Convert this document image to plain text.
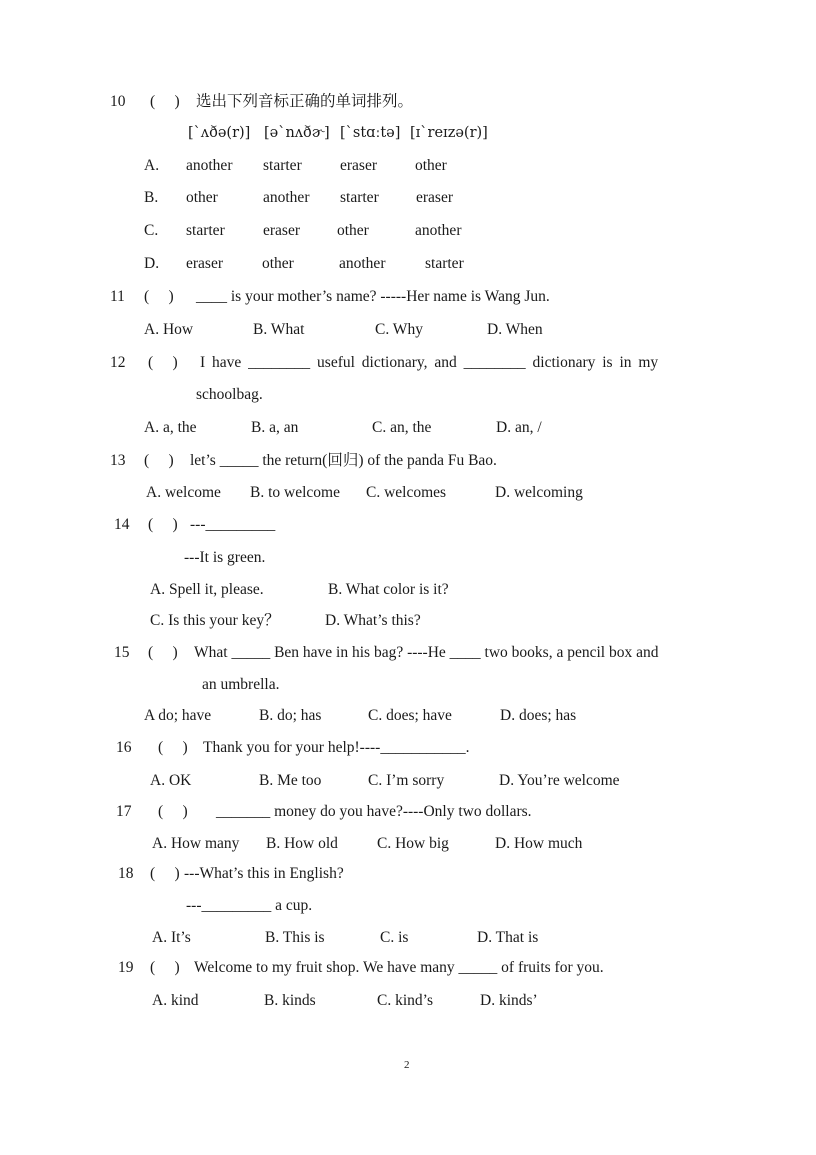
10 (　 ) 选出下列音标正确的单词排列。
[ˋʌðə(r)] [əˋnʌðɚ] [ˋstɑːtə] [ɪˋreɪzə(r)]
A. another starter eraser other
B. other	another starter eraser
C. starter eraser other	another
D. eraser	other	another	starter
11 (　 ) ____ is your mother’s name? -----Her name is Wang Jun.
A. How	B. What	C. Why	D. When
12 (　 ) I have ________ useful dictionary, and ________ dictionary is in my
schoolbag.
A. a, the	B. a, an	C. an, the	D. an, /
13 (　 ) let’s _____ the return(回归) of the panda Fu Bao.
A. welcome B. to welcome C. welcomes	D. welcoming
14 (　 ) ---_________
---It is green.
A. Spell it, please.	B. What color is it?
C. Is this your key？	D. What’s this?
15 (　 ) What _____ Ben have in his bag? ----He ____ two books, a pencil box and
an umbrella.
A do; have	B. do; has	C. does; have	D. does; has
16 (　 ) Thank you for your help!----___________.
A. OK	B. Me too	C. I’m sorry	D. You’re welcome
17 (　 ) _______ money do you have?----Only two dollars.
A. How many B. How old	C. How big	D. How much
18 (　 ) ---What’s this in English?
---_________ a cup.
A. It’s	B. This is	C. is	D. That is
19 (　 ) Welcome to my fruit shop. We have many _____ of fruits for you.
A. kind	B. kinds	C. kind’s	D. kinds’
2
